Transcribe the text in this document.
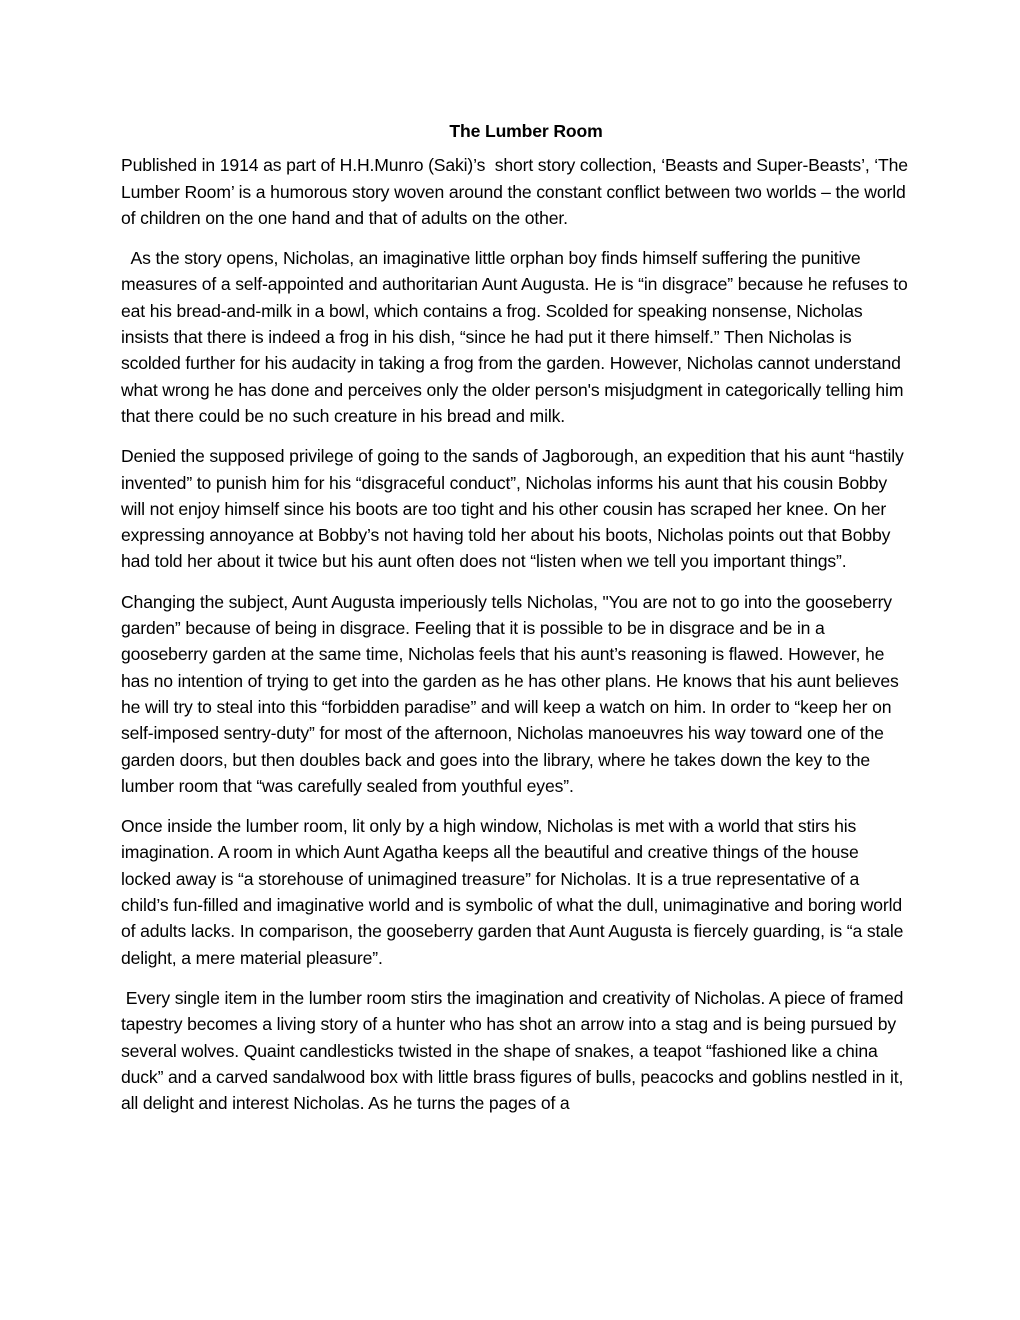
The Lumber Room

Published in 1914 as part of H.H.Munro (Saki)’s  short story collection, ‘Beasts and Super-Beasts’, ‘The Lumber Room’ is a humorous story woven around the constant conflict between two worlds – the world of children on the one hand and that of adults on the other.

As the story opens, Nicholas, an imaginative little orphan boy finds himself suffering the punitive measures of a self-appointed and authoritarian Aunt Augusta. He is “in disgrace” because he refuses to eat his bread-and-milk in a bowl, which contains a frog. Scolded for speaking nonsense, Nicholas insists that there is indeed a frog in his dish, “since he had put it there himself.” Then Nicholas is scolded further for his audacity in taking a frog from the garden. However, Nicholas cannot understand what wrong he has done and perceives only the older person's misjudgment in categorically telling him that there could be no such creature in his bread and milk.

Denied the supposed privilege of going to the sands of Jagborough, an expedition that his aunt “hastily invented” to punish him for his “disgraceful conduct”, Nicholas informs his aunt that his cousin Bobby will not enjoy himself since his boots are too tight and his other cousin has scraped her knee. On her expressing annoyance at Bobby’s not having told her about his boots, Nicholas points out that Bobby had told her about it twice but his aunt often does not “listen when we tell you important things”.

Changing the subject, Aunt Augusta imperiously tells Nicholas, "You are not to go into the gooseberry garden” because of being in disgrace. Feeling that it is possible to be in disgrace and be in a gooseberry garden at the same time, Nicholas feels that his aunt’s reasoning is flawed. However, he has no intention of trying to get into the garden as he has other plans. He knows that his aunt believes he will try to steal into this “forbidden paradise” and will keep a watch on him. In order to “keep her on self-imposed sentry-duty” for most of the afternoon, Nicholas manoeuvres his way toward one of the garden doors, but then doubles back and goes into the library, where he takes down the key to the lumber room that “was carefully sealed from youthful eyes”.

Once inside the lumber room, lit only by a high window, Nicholas is met with a world that stirs his imagination. A room in which Aunt Agatha keeps all the beautiful and creative things of the house locked away is “a storehouse of unimagined treasure” for Nicholas. It is a true representative of a child’s fun-filled and imaginative world and is symbolic of what the dull, unimaginative and boring world of adults lacks. In comparison, the gooseberry garden that Aunt Augusta is fiercely guarding, is “a stale delight, a mere material pleasure”.

Every single item in the lumber room stirs the imagination and creativity of Nicholas. A piece of framed tapestry becomes a living story of a hunter who has shot an arrow into a stag and is being pursued by several wolves. Quaint candlesticks twisted in the shape of snakes, a teapot “fashioned like a china duck” and a carved sandalwood box with little brass figures of bulls, peacocks and goblins nestled in it, all delight and interest Nicholas. As he turns the pages of a
